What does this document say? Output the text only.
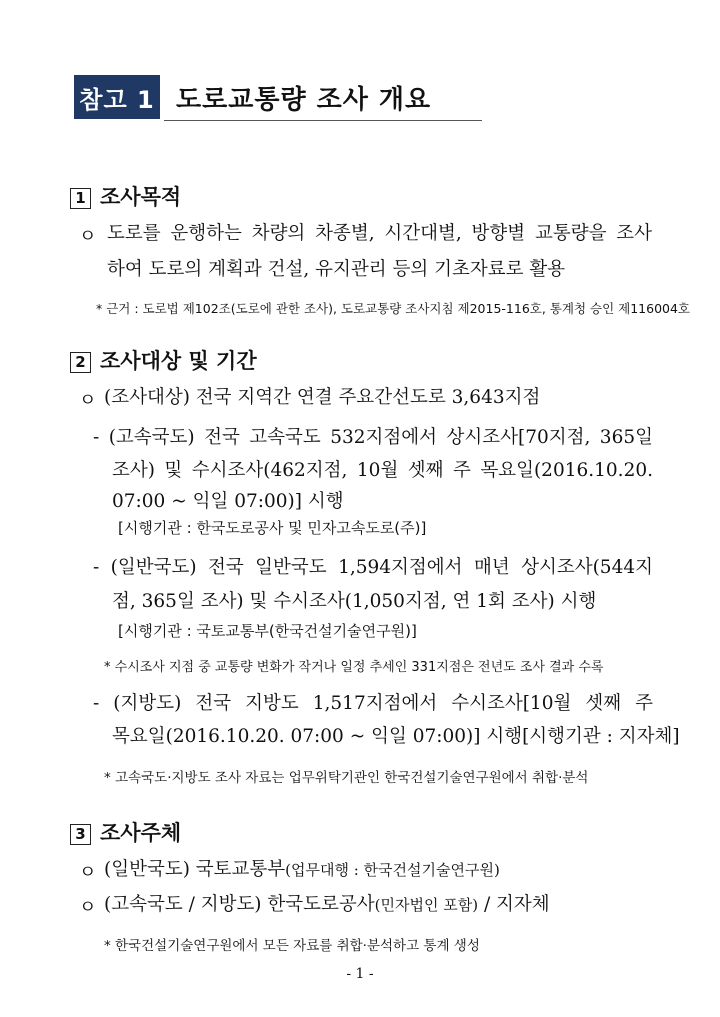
참고 1 도로교통량 조사 개요
1 조사목적
ㅇ 도로를 운행하는 차량의 차종별, 시간대별, 방향별 교통량을 조사
하여 도로의 계획과 건설, 유지관리 등의 기초자료로 활용
* 근거 : 도로법 제102조(도로에 관한 조사), 도로교통량 조사지침 제2015-116호, 통계청 승인 제116004호
2 조사대상 및 기간
ㅇ (조사대상) 전국 지역간 연결 주요간선도로 3,643지점
- (고속국도) 전국 고속국도 532지점에서 상시조사[70지점, 365일
조사) 및 수시조사(462지점, 10월 셋째 주 목요일(2016.10.20.
07:00 ~ 익일 07:00)] 시행
[시행기관 : 한국도로공사 및 민자고속도로(주)]
- (일반국도) 전국 일반국도 1,594지점에서 매년 상시조사(544지
점, 365일 조사) 및 수시조사(1,050지점, 연 1회 조사) 시행
[시행기관 : 국토교통부(한국건설기술연구원)]
* 수시조사 지점 중 교통량 변화가 작거나 일정 추세인 331지점은 전년도 조사 결과 수록
- (지방도) 전국 지방도 1,517지점에서 수시조사[10월 셋째 주
목요일(2016.10.20. 07:00 ~ 익일 07:00)] 시행[시행기관 : 지자체]
* 고속국도·지방도 조사 자료는 업무위탁기관인 한국건설기술연구원에서 취합·분석
3 조사주체
ㅇ (일반국도) 국토교통부(업무대행 : 한국건설기술연구원)
ㅇ (고속국도 / 지방도) 한국도로공사(민자법인 포함) / 지자체
* 한국건설기술연구원에서 모든 자료를 취합·분석하고 통계 생성
- 1 -
